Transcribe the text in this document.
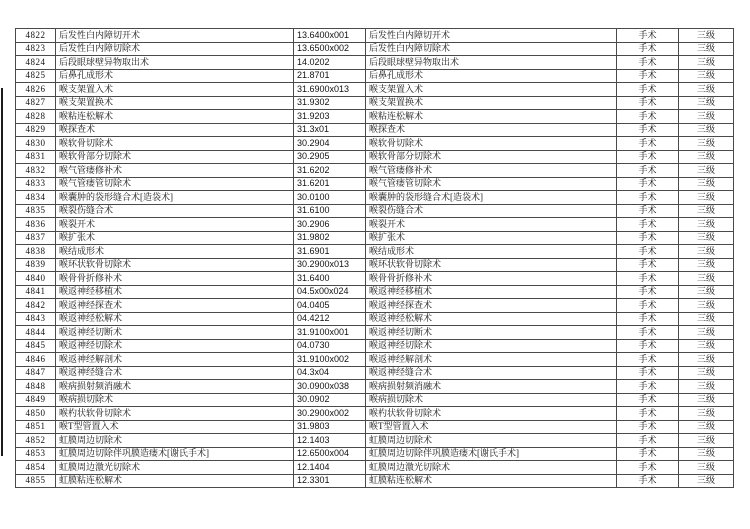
4822	后发性白内障切开术	13.6400x001	后发性白内障切开术	手术	三级
4823	后发性白内障切除术	13.6500x002	后发性白内障切除术	手术	三级
4824	后段眼球壁异物取出术	14.0202	后段眼球壁异物取出术	手术	三级
4825	后鼻孔成形术	21.8701	后鼻孔成形术	手术	三级
4826	喉支架置入术	31.6900x013	喉支架置入术	手术	三级
4827	喉支架置换术	31.9302	喉支架置换术	手术	三级
4828	喉粘连松解术	31.9203	喉粘连松解术	手术	三级
4829	喉探查术	31.3x01	喉探查术	手术	三级
4830	喉软骨切除术	30.2904	喉软骨切除术	手术	三级
4831	喉软骨部分切除术	30.2905	喉软骨部分切除术	手术	三级
4832	喉气管瘘修补术	31.6202	喉气管瘘修补术	手术	三级
4833	喉气管瘘管切除术	31.6201	喉气管瘘管切除术	手术	三级
4834	喉囊肿的袋形缝合术[造袋术]	30.0100	喉囊肿的袋形缝合术[造袋术]	手术	三级
4835	喉裂伤缝合术	31.6100	喉裂伤缝合术	手术	三级
4836	喉裂开术	30.2906	喉裂开术	手术	三级
4837	喉扩张术	31.9802	喉扩张术	手术	三级
4838	喉结成形术	31.6901	喉结成形术	手术	三级
4839	喉环状软骨切除术	30.2900x013	喉环状软骨切除术	手术	三级
4840	喉骨骨折修补术	31.6400	喉骨骨折修补术	手术	三级
4841	喉返神经移植术	04.5x00x024	喉返神经移植术	手术	三级
4842	喉返神经探查术	04.0405	喉返神经探查术	手术	三级
4843	喉返神经松解术	04.4212	喉返神经松解术	手术	三级
4844	喉返神经切断术	31.9100x001	喉返神经切断术	手术	三级
4845	喉返神经切除术	04.0730	喉返神经切除术	手术	三级
4846	喉返神经解剖术	31.9100x002	喉返神经解剖术	手术	三级
4847	喉返神经缝合术	04.3x04	喉返神经缝合术	手术	三级
4848	喉病损射频消融术	30.0900x038	喉病损射频消融术	手术	三级
4849	喉病损切除术	30.0902	喉病损切除术	手术	三级
4850	喉杓状软骨切除术	30.2900x002	喉杓状软骨切除术	手术	三级
4851	喉T型管置入术	31.9803	喉T型管置入术	手术	三级
4852	虹膜周边切除术	12.1403	虹膜周边切除术	手术	三级
4853	虹膜周边切除伴巩膜造瘘术[谢氏手术]	12.6500x004	虹膜周边切除伴巩膜造瘘术[谢氏手术]	手术	三级
4854	虹膜周边激光切除术	12.1404	虹膜周边激光切除术	手术	三级
4855	虹膜粘连松解术	12.3301	虹膜粘连松解术	手术	三级
